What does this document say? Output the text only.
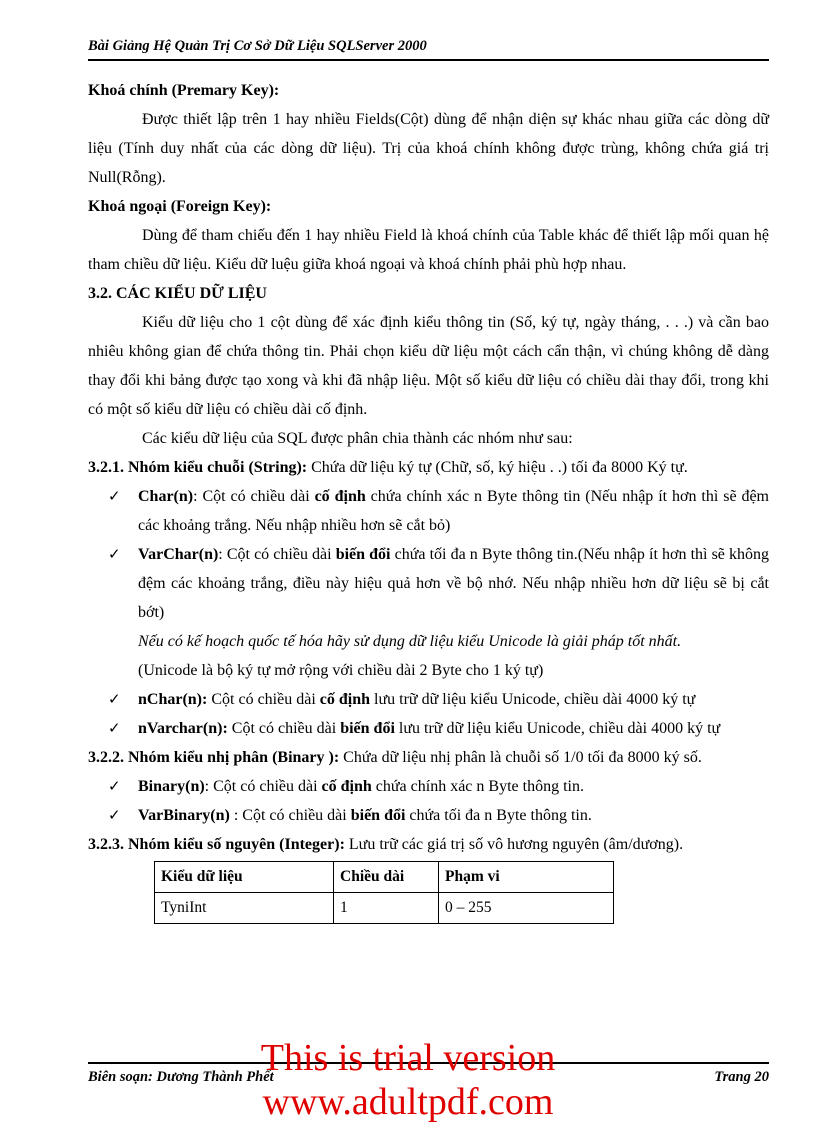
Bài Giảng Hệ Quản Trị Cơ Sở Dữ Liệu SQLServer 2000

Khoá chính (Premary Key):

Được thiết lập trên 1 hay nhiều Fields(Cột) dùng để nhận diện sự khác nhau giữa các dòng dữ liệu (Tính duy nhất của các dòng dữ liệu). Trị của khoá chính không được trùng, không chứa giá trị Null(Rỗng).

Khoá ngoại (Foreign Key):

Dùng để tham chiếu đến 1 hay nhiều Field là khoá chính của Table khác để thiết lập mối quan hệ tham chiều dữ liệu. Kiểu dữ luệu giữa khoá ngoại và khoá chính phải phù hợp nhau.

3.2. CÁC KIỂU DỮ LIỆU

Kiểu dữ liệu cho 1 cột dùng để xác định kiểu thông tin (Số, ký tự, ngày tháng, . . .) và cần bao nhiêu không gian để chứa thông tin. Phải chọn kiểu dữ liệu một cách cẩn thận, vì chúng không dễ dàng thay đổi khi bảng được tạo xong và khi đã nhập liệu. Một số kiểu dữ liệu có chiều dài thay đổi, trong khi có một số kiểu dữ liệu có chiều dài cố định.

Các kiểu dữ liệu của SQL được phân chia thành các nhóm như sau:

3.2.1. Nhóm kiểu chuỗi (String): Chứa dữ liệu ký tự (Chữ, số, ký hiệu . .) tối đa 8000 Ký tự.

✓ Char(n): Cột có chiều dài cố định chứa chính xác n Byte thông tin (Nếu nhập ít hơn thì sẽ đệm các khoảng trắng. Nếu nhập nhiều hơn sẽ cắt bỏ)

✓ VarChar(n): Cột có chiều dài biến đổi chứa tối đa n Byte thông tin.(Nếu nhập ít hơn thì sẽ không đệm các khoảng trắng, điều này hiệu quả hơn về bộ nhớ. Nếu nhập nhiều hơn dữ liệu sẽ bị cắt bớt)

Nếu có kế hoạch quốc tế hóa hãy sử dụng dữ liệu kiểu Unicode là giải pháp tốt nhất.

(Unicode là bộ ký tự mở rộng với chiều dài 2 Byte cho 1 ký tự)

✓ nChar(n): Cột có chiều dài cố định lưu trữ dữ liệu kiểu Unicode, chiều dài 4000 ký tự

✓ nVarchar(n): Cột có chiều dài biến đổi lưu trữ dữ liệu kiểu Unicode, chiều dài 4000 ký tự

3.2.2. Nhóm kiểu nhị phân (Binary ): Chứa dữ liệu nhị phân là chuỗi số 1/0 tối đa 8000 ký số.

✓ Binary(n): Cột có chiều dài cố định chứa chính xác n Byte thông tin.

✓ VarBinary(n) : Cột có chiều dài biến đổi chứa tối đa n Byte thông tin.

3.2.3. Nhóm kiểu số nguyên (Integer): Lưu trữ các giá trị số vô hương nguyên (âm/dương).

Kiểu dữ liệu	Chiều dài	Phạm vi
TyniInt	1	0 – 255
Biên soạn: Dương Thành Phết	Trang 20
This is trial version
www.adultpdf.com
